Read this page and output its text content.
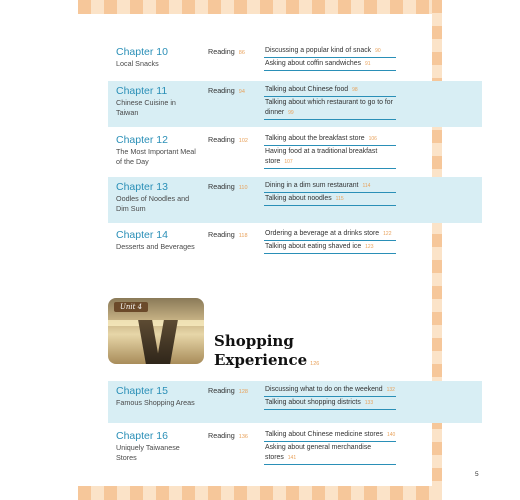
Chapter 10
Local Snacks
Reading 86	Discussing a popular kind of snack 90
Asking about coffin sandwiches 91
Chapter 11
Chinese Cuisine in Taiwan
Reading 94	Talking about Chinese food 98
Talking about which restaurant to go to for dinner 99
Chapter 12
The Most Important Meal of the Day
Reading 102 Talking about the breakfast store 106
Having food at a traditional breakfast store 107
Chapter 13
Oodles of Noodles and Dim Sum
Reading 110	Dining in a dim sum restaurant 114
Talking about noodles 115
Chapter 14
Desserts and Beverages
Reading 118	Ordering a beverage at a drinks store 122
Talking about eating shaved ice 123
Unit 4
Shopping
Experience 126
Chapter 15
Famous Shopping Areas
Reading 128 Discussing what to do on the weekend 132
Talking about shopping districts 133
Chapter 16
Uniquely Taiwanese Stores
Reading 136 Talking about Chinese medicine stores 140
Asking about general merchandise stores 141
5
